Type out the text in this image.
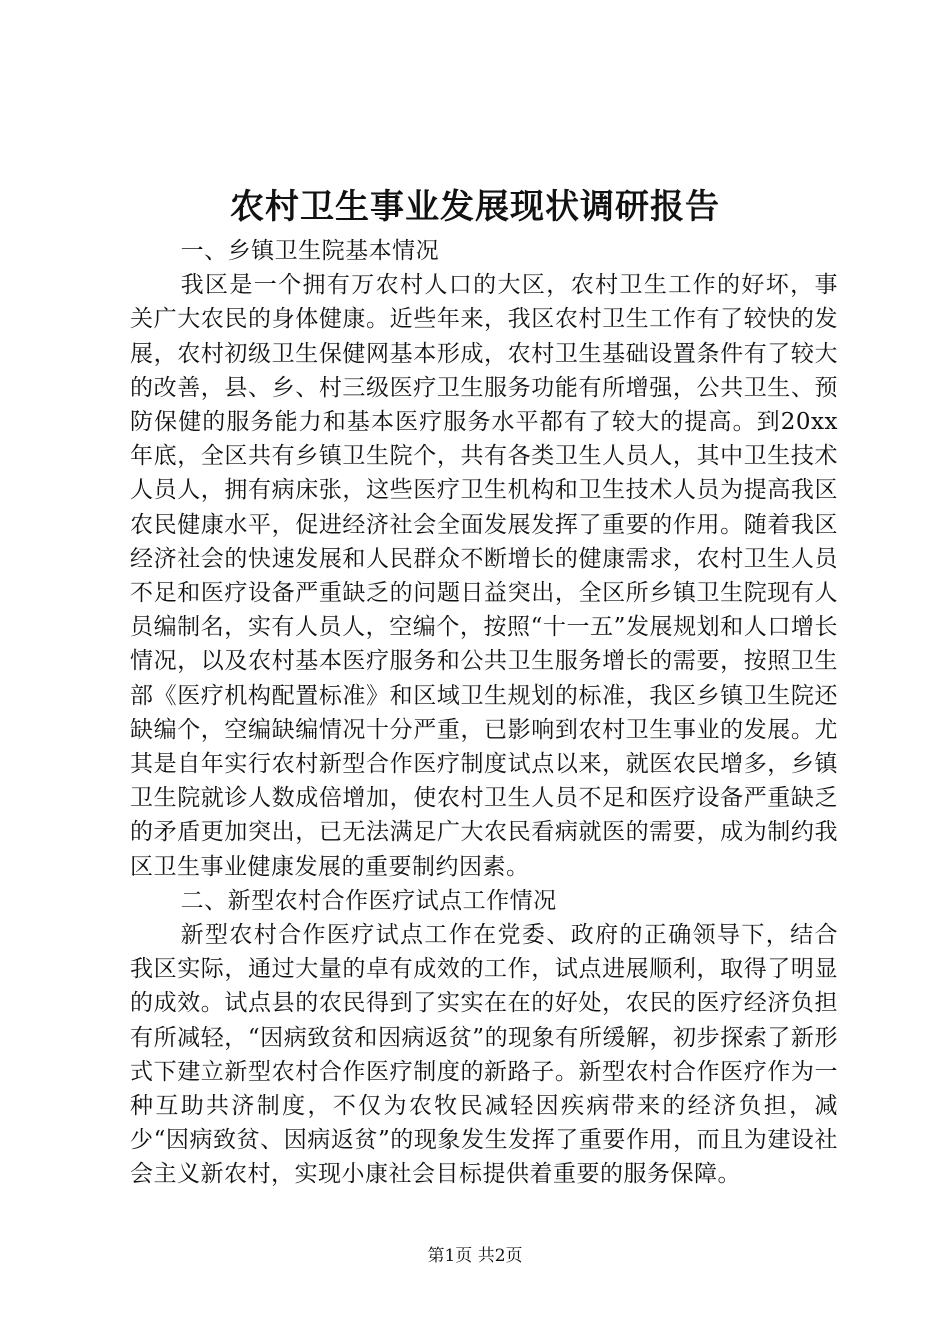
农村卫生事业发展现状调研报告

一、乡镇卫生院基本情况

我区是一个拥有万农村人口的大区，农村卫生工作的好坏，事关广大农民的身体健康。近些年来，我区农村卫生工作有了较快的发展，农村初级卫生保健网基本形成，农村卫生基础设置条件有了较大的改善，县、乡、村三级医疗卫生服务功能有所增强，公共卫生、预防保健的服务能力和基本医疗服务水平都有了较大的提高。到20xx年底，全区共有乡镇卫生院个，共有各类卫生人员人，其中卫生技术人员人，拥有病床张，这些医疗卫生机构和卫生技术人员为提高我区农民健康水平，促进经济社会全面发展发挥了重要的作用。随着我区经济社会的快速发展和人民群众不断增长的健康需求，农村卫生人员不足和医疗设备严重缺乏的问题日益突出，全区所乡镇卫生院现有人员编制名，实有人员人，空编个，按照“十一五”发展规划和人口增长情况，以及农村基本医疗服务和公共卫生服务增长的需要，按照卫生部《医疗机构配置标准》和区域卫生规划的标准，我区乡镇卫生院还缺编个，空编缺编情况十分严重，已影响到农村卫生事业的发展。尤其是自年实行农村新型合作医疗制度试点以来，就医农民增多，乡镇卫生院就诊人数成倍增加，使农村卫生人员不足和医疗设备严重缺乏的矛盾更加突出，已无法满足广大农民看病就医的需要，成为制约我区卫生事业健康发展的重要制约因素。

二、新型农村合作医疗试点工作情况

新型农村合作医疗试点工作在党委、政府的正确领导下，结合我区实际，通过大量的卓有成效的工作，试点进展顺利，取得了明显的成效。试点县的农民得到了实实在在的好处，农民的医疗经济负担有所减轻，“因病致贫和因病返贫”的现象有所缓解，初步探索了新形式下建立新型农村合作医疗制度的新路子。新型农村合作医疗作为一种互助共济制度，不仅为农牧民减轻因疾病带来的经济负担，减少“因病致贫、因病返贫”的现象发生发挥了重要作用，而且为建设社会主义新农村，实现小康社会目标提供着重要的服务保障。

第1页 共2页
